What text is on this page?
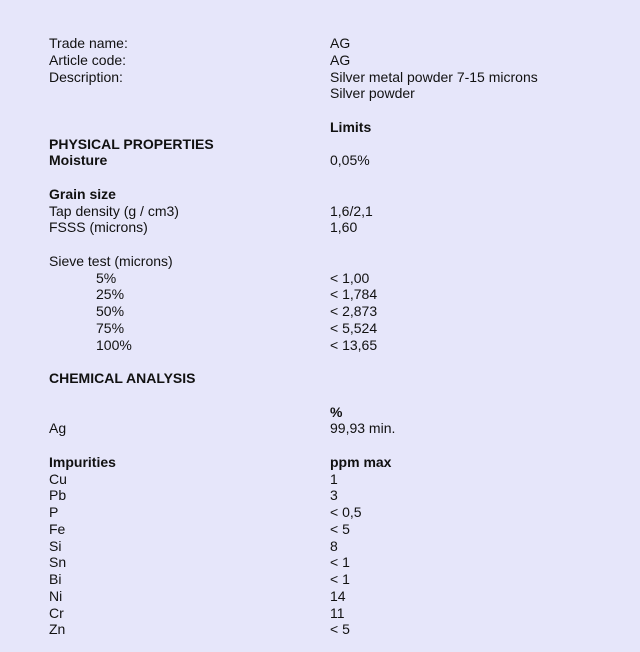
Trade name:	AG
Article code:	AG
Description:	Silver metal powder 7-15 microns
Silver powder
Limits
PHYSICAL PROPERTIES
Moisture	0,05%
Grain size
Tap density (g / cm3)	1,6/2,1
FSSS (microns)	1,60
Sieve test (microns)
5%	< 1,00
25%	< 1,784
50%	< 2,873
75%	< 5,524
100%	< 13,65
CHEMICAL ANALYSIS
%
Ag	99,93 min.
Impurities	ppm max
Cu	1
Pb	3
P	< 0,5
Fe	< 5
Si	8
Sn	< 1
Bi	< 1
Ni	14
Cr	11
Zn	< 5
